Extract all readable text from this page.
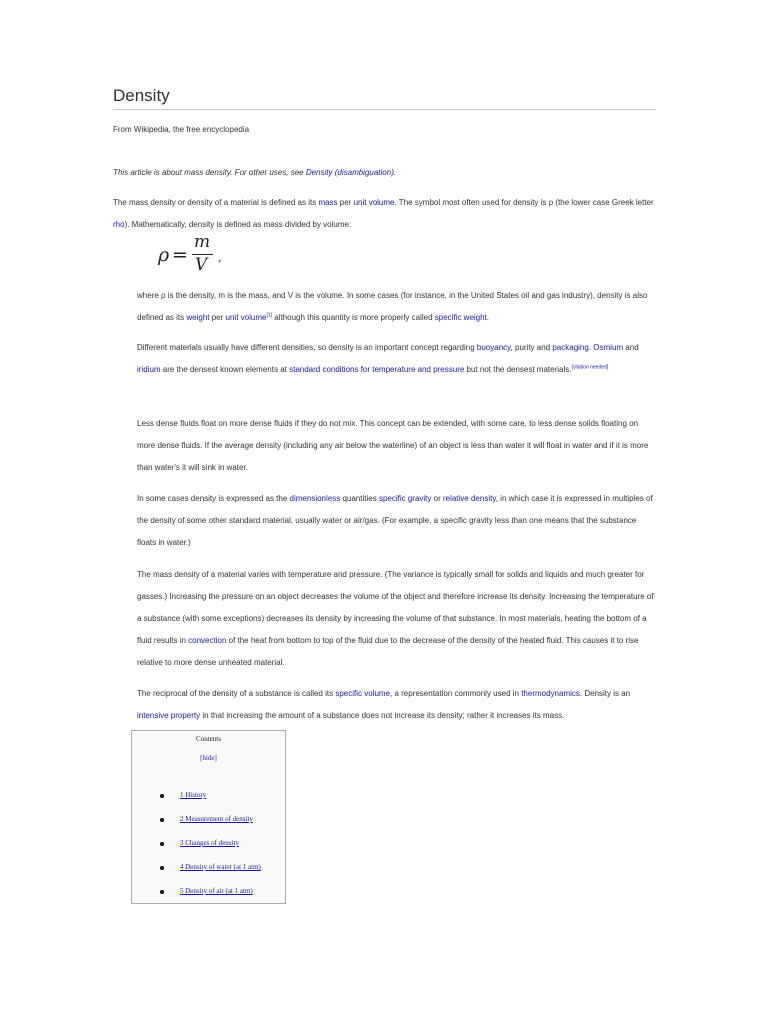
Density
From Wikipedia, the free encyclopedia
This article is about mass density. For other uses, see Density (disambiguation).
The mass density or density of a material is defined as its mass per unit volume. The symbol most often used for density is ρ (the lower case Greek letter rho). Mathematically, density is defined as mass divided by volume:
ρ =
m
V ,
where ρ is the density, m is the mass, and V is the volume. In some cases (for instance, in the United States oil and gas industry), density is also defined as its weight per unit volume[1] although this quantity is more properly called specific weight.
Different materials usually have different densities, so density is an important concept regarding buoyancy, purity and packaging. Osmium and iridium are the densest known elements at standard conditions for temperature and pressure but not the densest materials.[citation needed]
Less dense fluids float on more dense fluids if they do not mix. This concept can be extended, with some care, to less dense solids floating on more dense fluids. If the average density (including any air below the waterline) of an object is less than water it will float in water and if it is more than water's it will sink in water.
In some cases density is expressed as the dimensionless quantities specific gravity or relative density, in which case it is expressed in multiples of the density of some other standard material, usually water or air/gas. (For example, a specific gravity less than one means that the substance floats in water.)
The mass density of a material varies with temperature and pressure. (The variance is typically small for solids and liquids and much greater for gasses.) Increasing the pressure on an object decreases the volume of the object and therefore increase its density. Increasing the temperature of a substance (with some exceptions) decreases its density by increasing the volume of that substance. In most materials, heating the bottom of a fluid results in convection of the heat from bottom to top of the fluid due to the decrease of the density of the heated fluid. This causes it to rise relative to more dense unheated material.
The reciprocal of the density of a substance is called its specific volume, a representation commonly used in thermodynamics. Density is an intensive property in that increasing the amount of a substance does not increase its density; rather it increases its mass.
Contents
[hide]
1 History
2 Measurement of density
3 Changes of density
4 Density of water (at 1 atm)
5 Density of air (at 1 atm)
